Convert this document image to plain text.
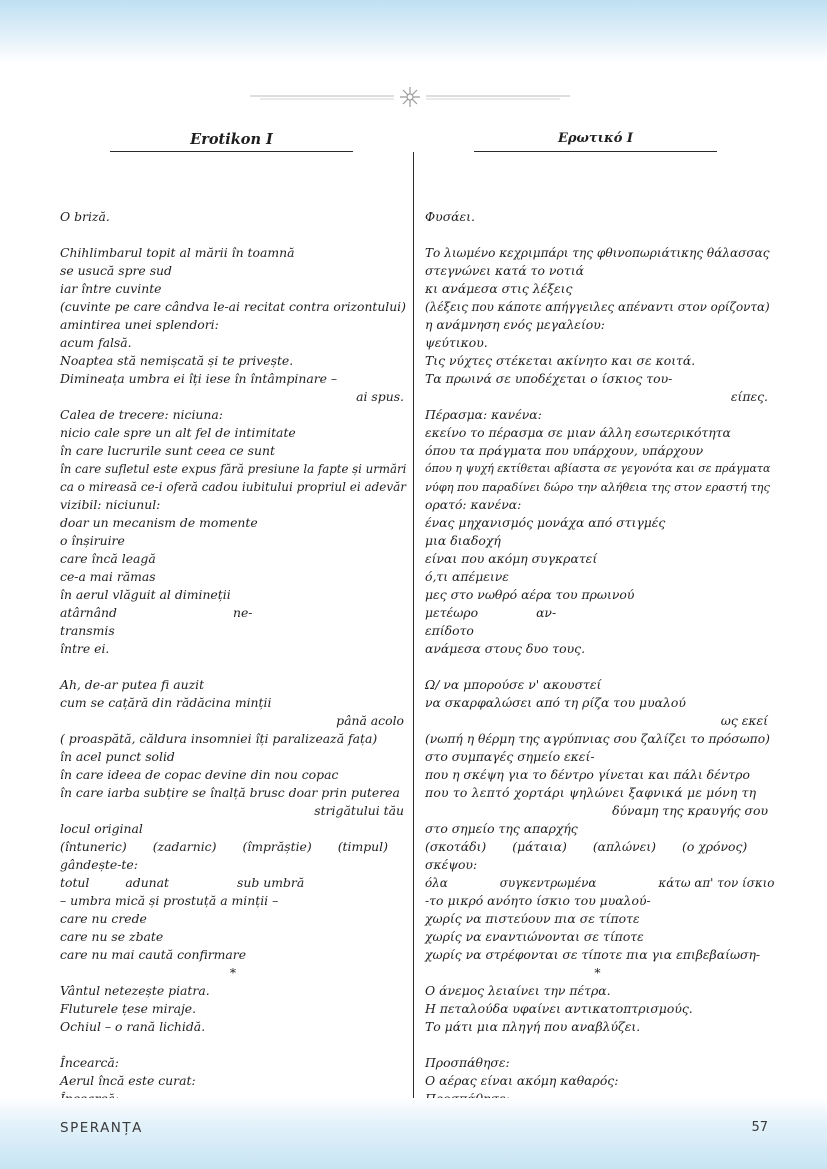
Erotikon I	Ερωτικό I
O briză.
Chihlimbarul topit al mării în toamnă
se usucă spre sud
iar între cuvinte
(cuvinte pe care cândva le-ai recitat contra orizontului)
amintirea unei splendori:
acum falsă.
Noaptea stă nemișcată și te privește.
Dimineața umbra ei îți iese în întâmpinare –
ai spus.
Calea de trecere: niciuna:
nicio cale spre un alt fel de intimitate
în care lucrurile sunt ceea ce sunt
în care sufletul este expus fără presiune la fapte și urmări
ca o mireasă ce-i oferă cadou iubitului propriul ei adevăr
vizibil: niciunul:
doar un mecanism de momente
o înșiruire
care încă leagă
ce-a mai rămas
în aerul vlăguit al dimineții
atârnând	ne-
transmis
între ei.
Ah, de-ar putea fi auzit
cum se cațără din rădăcina minții
până acolo
( proaspătă, căldura insomniei îți paralizează fața)
în acel punct solid
în care ideea de copac devine din nou copac
în care iarba subțire se înalță brusc doar prin puterea
strigătului tău
locul original
(întuneric) (zadarnic) (împrăștie) (timpul)
gândește-te:
totul	adunat	sub umbră
– umbra mică și prostuță a minții –
care nu crede
care nu se zbate
care nu mai caută confirmare
*
Vântul netezește piatra.
Fluturele țese miraje.
Ochiul – o rană lichidă.
Încearcă:
Aerul încă este curat:
Φυσάει.
Το λιωμένο κεχριμπάρι της φθινοπωριάτικης θάλασσας
στεγνώνει κατά το νοτιά
κι ανάμεσα στις λέξεις
(λέξεις που κάποτε απήγγειλες απέναντι στον ορίζοντα)
η ανάμνηση ενός μεγαλείου:
ψεύτικου.
Τις νύχτες στέκεται ακίνητο και σε κοιτά.
Τα πρωινά σε υποδέχεται ο ίσκιος του-
είπες.
Πέρασμα: κανένα:
εκείνο το πέρασμα σε μιαν άλλη εσωτερικότητα
όπου τα πράγματα που υπάρχουν, υπάρχουν
όπου η ψυχή εκτίθεται αβίαστα σε γεγονότα και σε πράγματα
νύφη που παραδίνει δώρο την αλήθεια της στον εραστή της
ορατό: κανένα:
ένας μηχανισμός μονάχα από στιγμές
μια διαδοχή
είναι που ακόμη συγκρατεί
ό,τι απέμεινε
μες στο νωθρό αέρα του πρωινού
μετέωρο	αν-
επίδοτο
ανάμεσα στους δυο τους.
Ω/ να μπορούσε ν' ακουστεί
να σκαρφαλώσει από τη ρίζα του μυαλού
ως εκεί
(νωπή η θέρμη της αγρύπνιας σου ζαλίζει το πρόσωπο)
στο συμπαγές σημείο εκεί-
που η σκέψη για το δέντρο γίνεται και πάλι δέντρο
που το λεπτό χορτάρι ψηλώνει ξαφνικά με μόνη τη
δύναμη της κραυγής σου
στο σημείο της απαρχής
(σκοτάδι) (μάταια) (απλώνει) (ο χρόνος)
σκέψου:
όλα	συγκεντρωμένα	κάτω απ' τον ίσκιο
-το μικρό ανόητο ίσκιο του μυαλού-
χωρίς να πιστεύουν πια σε τίποτε
χωρίς να εναντιώνονται σε τίποτε
χωρίς να στρέφονται σε τίποτε πια για επιβεβαίωση-
*
Ο άνεμος λειαίνει την πέτρα.
Η πεταλούδα υφαίνει αντικατοπτρισμούς.
Το μάτι μια πληγή που αναβλύζει.
Προσπάθησε:
Ο αέρας είναι ακόμη καθαρός:
SPERANȚA	57
